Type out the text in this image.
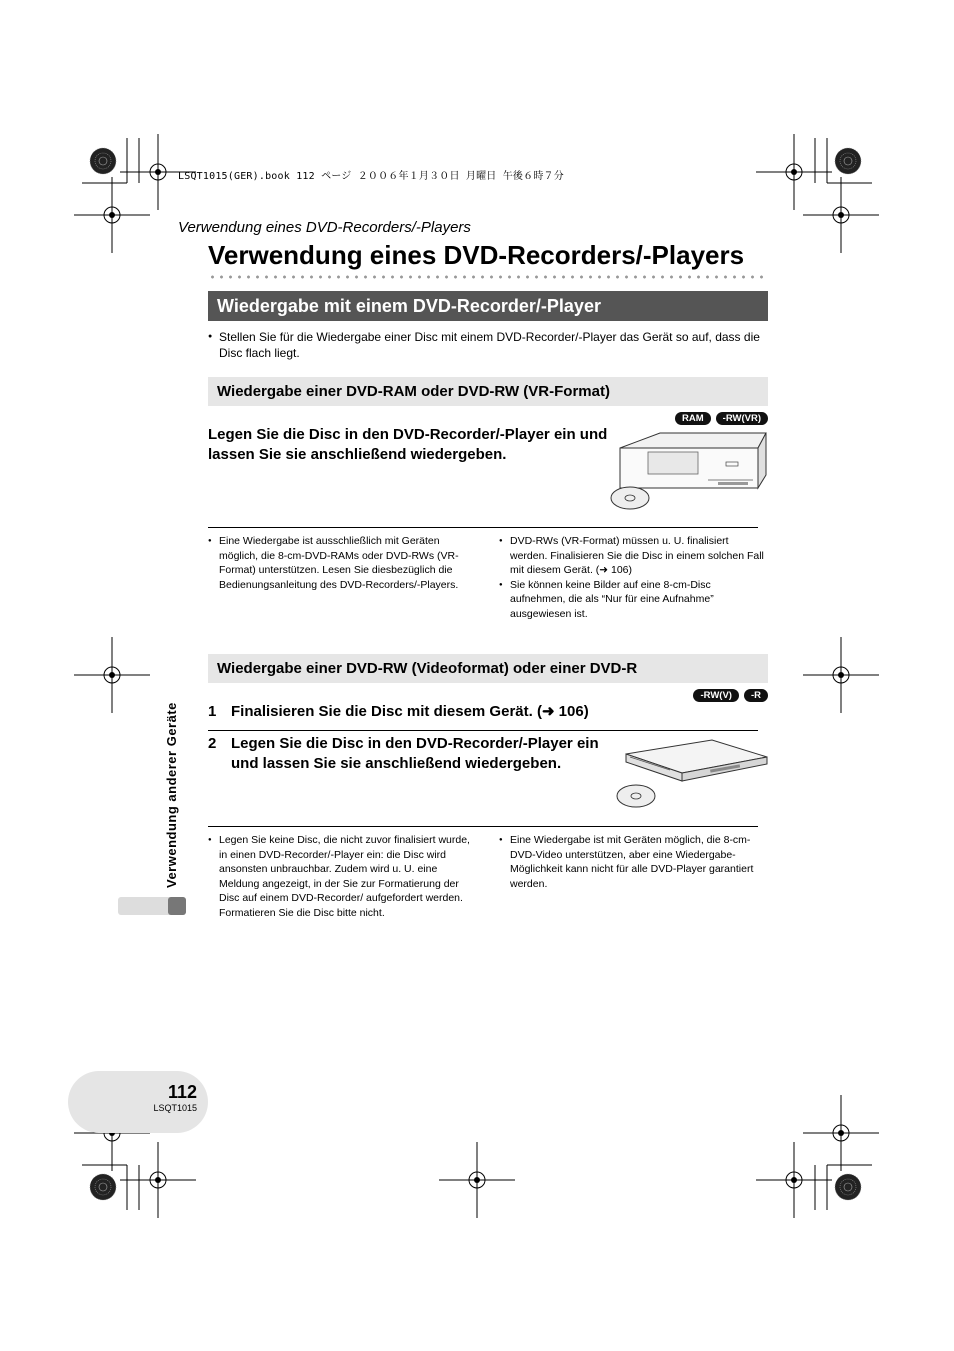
LSQT1015(GER).book 112 ページ ２００６年１月３０日 月曜日 午後６時７分
Verwendung eines DVD-Recorders/-Players
Verwendung eines DVD-Recorders/-Players
Wiedergabe mit einem DVD-Recorder/-Player

● Stellen Sie für die Wiedergabe einer Disc mit einem DVD-Recorder/-Player das Gerät so auf, dass die Disc flach liegt.

Wiedergabe einer DVD-RAM oder DVD-RW (VR-Format)
RAM	-RW(VR)
Legen Sie die Disc in den DVD-Recorder/-Player ein und lassen Sie sie anschließend wiedergeben.

● Eine Wiedergabe ist ausschließlich mit Geräten möglich, die 8-cm-DVD-RAMs oder DVD-RWs (VR-Format) unterstützen. Lesen Sie diesbezüglich die Bedienungsanleitung des DVD-Recorders/-Players.

● DVD-RWs (VR-Format) müssen u. U. finalisiert werden. Finalisieren Sie die Disc in einem solchen Fall mit diesem Gerät. (➜ 106)

● Sie können keine Bilder auf eine 8-cm-Disc aufnehmen, die als “Nur für eine Aufnahme” ausgewiesen ist.

Wiedergabe einer DVD-RW (Videoformat) oder einer DVD-R
-RW(V)	-R
1 Finalisieren Sie die Disc mit diesem Gerät. (➜ 106)
2 Legen Sie die Disc in den DVD-Recorder/-Player ein und lassen Sie sie anschließend wiedergeben.

● Legen Sie keine Disc, die nicht zuvor finalisiert wurde, in einen DVD-Recorder/-Player ein: die Disc wird ansonsten unbrauchbar. Zudem wird u. U. eine Meldung angezeigt, in der Sie zur Formatierung der Disc auf einem DVD-Recorder/ aufgefordert werden. Formatieren Sie die Disc bitte nicht.

● Eine Wiedergabe ist mit Geräten möglich, die 8-cm-DVD-Video unterstützen, aber eine Wiedergabe-Möglichkeit kann nicht für alle DVD-Player garantiert werden.

Verwendung anderer Geräte
112
LSQT1015
